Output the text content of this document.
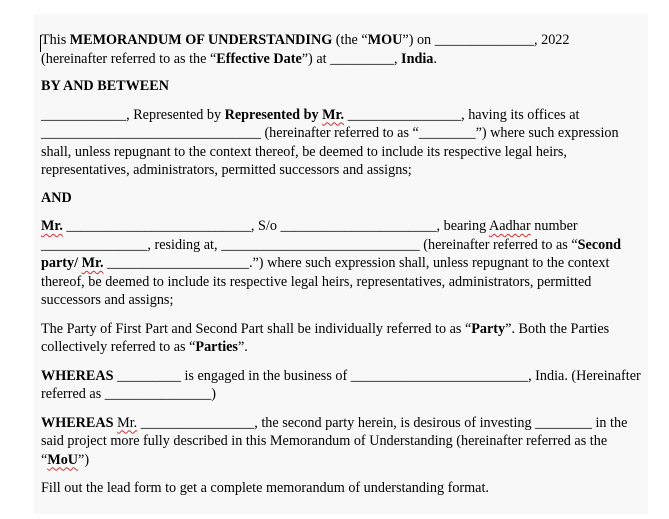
This MEMORANDUM OF UNDERSTANDING (the “MOU”) on ______________, 2022
(hereinafter referred to as the “Effective Date”) at _________, India.

BY AND BETWEEN

____________, Represented by Represented by Mr. ________________, having its offices at _______________________________ (hereinafter referred to as “________”) where such expression shall, unless repugnant to the context thereof, be deemed to include its respective legal heirs, representatives, administrators, permitted successors and assigns;

AND

Mr. __________________________, S/o ______________________, bearing Aadhar number _______________, residing at, ____________________________ (hereinafter referred to as “Second party/ Mr. ____________________.”) where such expression shall, unless repugnant to the context thereof, be deemed to include its respective legal heirs, representatives, administrators, permitted successors and assigns;

The Party of First Part and Second Part shall be individually referred to as “Party”. Both the Parties collectively referred to as “Parties”.

WHEREAS _________ is engaged in the business of _________________________, India. (Hereinafter referred as _______________)

WHEREAS Mr. ________________, the second party herein, is desirous of investing ________ in the said project more fully described in this Memorandum of Understanding (hereinafter referred as the “MoU”)

Fill out the lead form to get a complete memorandum of understanding format.
